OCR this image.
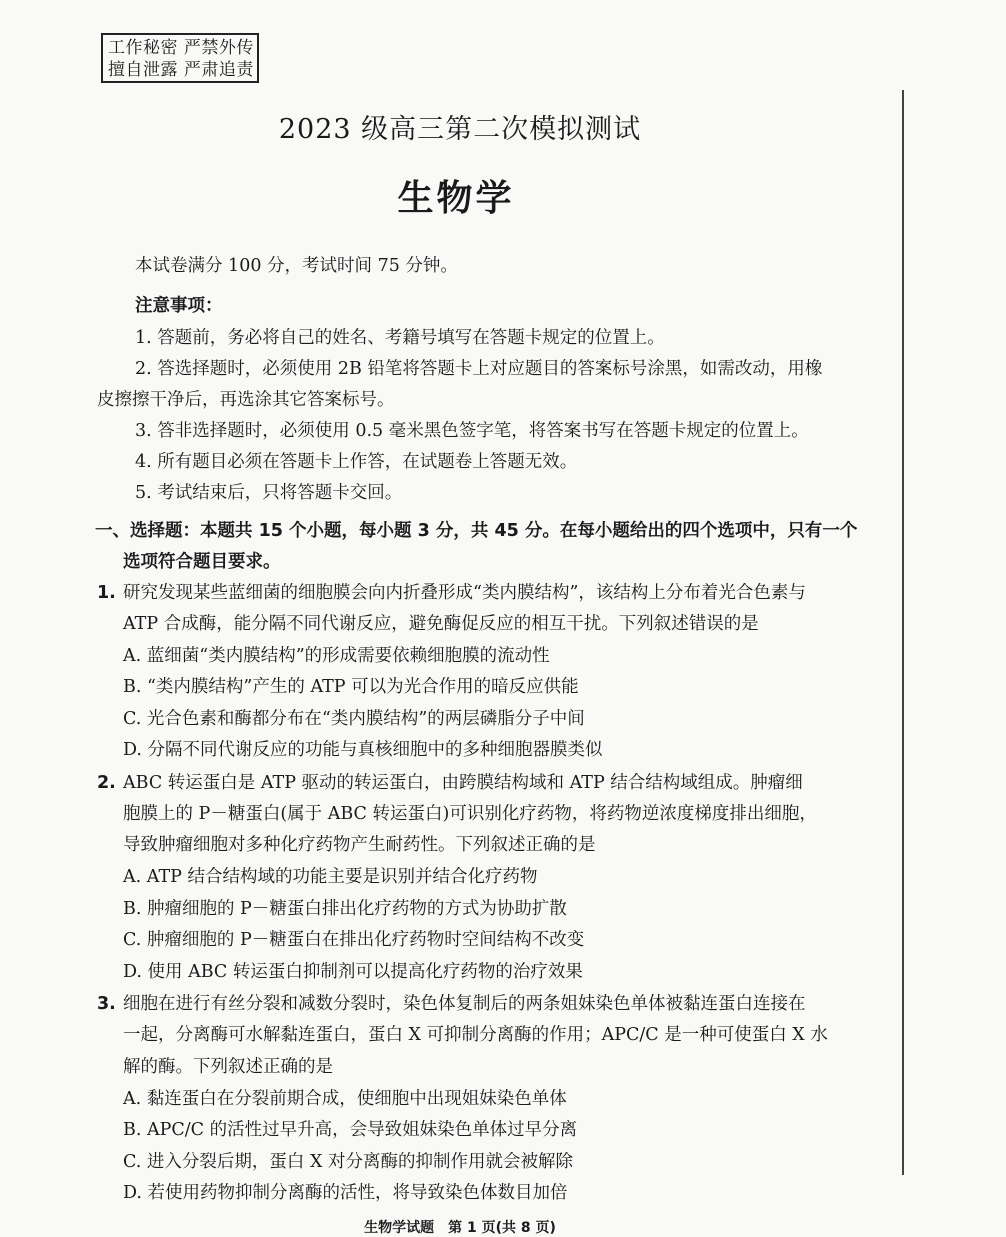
工作秘密 严禁外传
擅自泄露 严肃追责
2023 级高三第二次模拟测试
生物学
本试卷满分 100 分，考试时间 75 分钟。
注意事项：
1. 答题前，务必将自己的姓名、考籍号填写在答题卡规定的位置上。
2. 答选择题时，必须使用 2B 铅笔将答题卡上对应题目的答案标号涂黑，如需改动，用橡
皮擦擦干净后，再选涂其它答案标号。
3. 答非选择题时，必须使用 0.5 毫米黑色签字笔，将答案书写在答题卡规定的位置上。
4. 所有题目必须在答题卡上作答，在试题卷上答题无效。
5. 考试结束后，只将答题卡交回。
一、选择题：本题共 15 个小题，每小题 3 分，共 45 分。在每小题给出的四个选项中，只有一个
选项符合题目要求。
1. 研究发现某些蓝细菌的细胞膜会向内折叠形成“类内膜结构”，该结构上分布着光合色素与
ATP 合成酶，能分隔不同代谢反应，避免酶促反应的相互干扰。下列叙述错误的是
A. 蓝细菌“类内膜结构”的形成需要依赖细胞膜的流动性
B. “类内膜结构”产生的 ATP 可以为光合作用的暗反应供能
C. 光合色素和酶都分布在“类内膜结构”的两层磷脂分子中间
D. 分隔不同代谢反应的功能与真核细胞中的多种细胞器膜类似
2. ABC 转运蛋白是 ATP 驱动的转运蛋白，由跨膜结构域和 ATP 结合结构域组成。肿瘤细
胞膜上的 P－糖蛋白(属于 ABC 转运蛋白)可识别化疗药物，将药物逆浓度梯度排出细胞，
导致肿瘤细胞对多种化疗药物产生耐药性。下列叙述正确的是
A. ATP 结合结构域的功能主要是识别并结合化疗药物
B. 肿瘤细胞的 P－糖蛋白排出化疗药物的方式为协助扩散
C. 肿瘤细胞的 P－糖蛋白在排出化疗药物时空间结构不改变
D. 使用 ABC 转运蛋白抑制剂可以提高化疗药物的治疗效果
3. 细胞在进行有丝分裂和减数分裂时，染色体复制后的两条姐妹染色单体被黏连蛋白连接在
一起，分离酶可水解黏连蛋白，蛋白 X 可抑制分离酶的作用；APC/C 是一种可使蛋白 X 水
解的酶。下列叙述正确的是
A. 黏连蛋白在分裂前期合成，使细胞中出现姐妹染色单体
B. APC/C 的活性过早升高，会导致姐妹染色单体过早分离
C. 进入分裂后期，蛋白 X 对分离酶的抑制作用就会被解除
D. 若使用药物抑制分离酶的活性，将导致染色体数目加倍
生物学试题　第 1 页(共 8 页)
